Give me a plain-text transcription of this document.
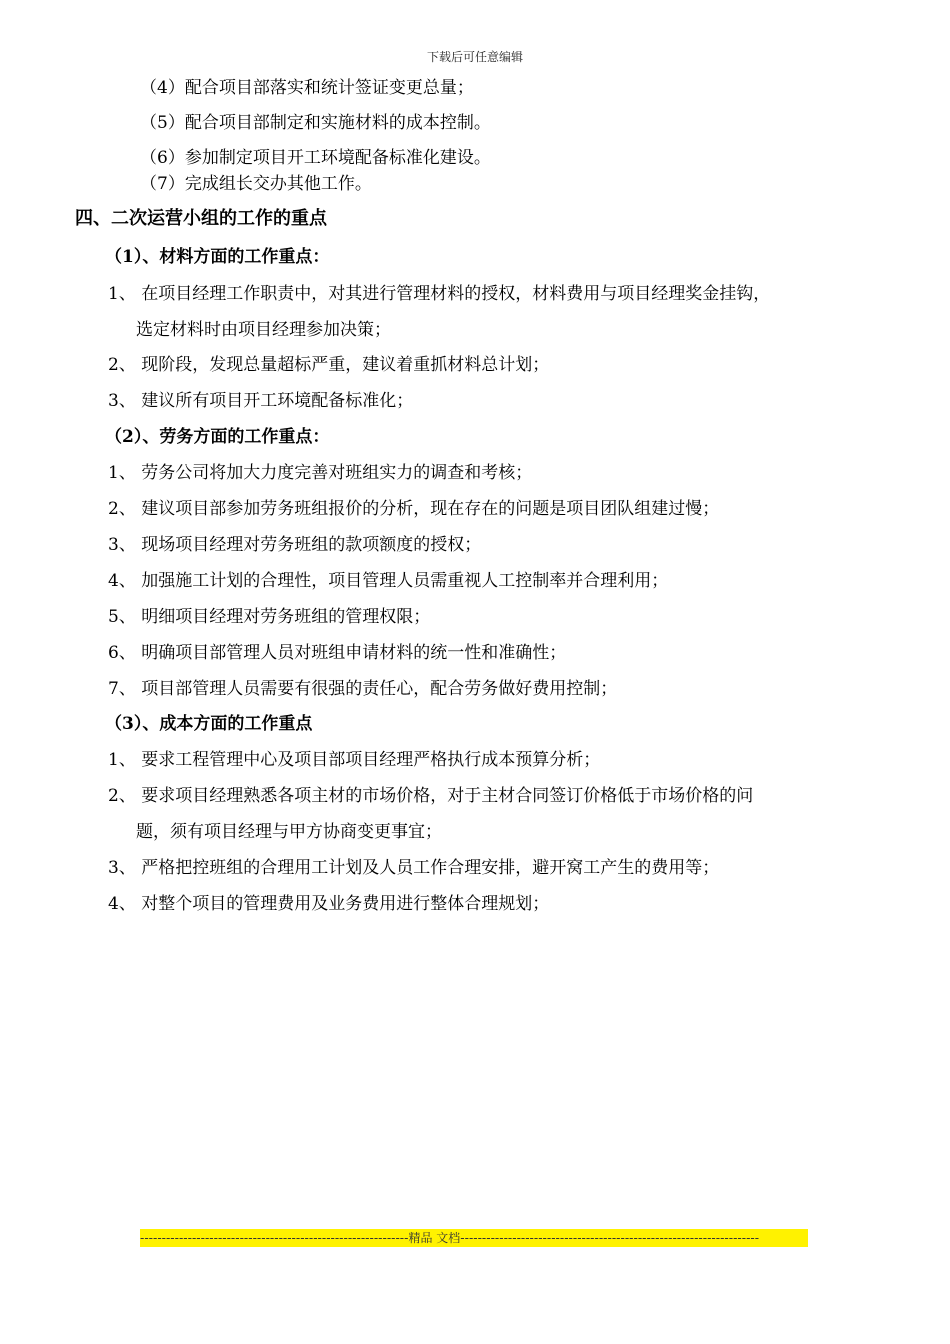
下载后可任意编辑
（4）配合项目部落实和统计签证变更总量；
（5）配合项目部制定和实施材料的成本控制。
（6）参加制定项目开工环境配备标准化建设。
（7）完成组长交办其他工作。
四、二次运营小组的工作的重点
（1）、材料方面的工作重点：
1、 在项目经理工作职责中，对其进行管理材料的授权，材料费用与项目经理奖金挂钩，
选定材料时由项目经理参加决策；
2、 现阶段，发现总量超标严重，建议着重抓材料总计划；
3、 建议所有项目开工环境配备标准化；
（2）、劳务方面的工作重点：
1、 劳务公司将加大力度完善对班组实力的调查和考核；
2、 建议项目部参加劳务班组报价的分析，现在存在的问题是项目团队组建过慢；
3、 现场项目经理对劳务班组的款项额度的授权；
4、 加强施工计划的合理性，项目管理人员需重视人工控制率并合理利用；
5、 明细项目经理对劳务班组的管理权限；
6、 明确项目部管理人员对班组申请材料的统一性和准确性；
7、 项目部管理人员需要有很强的责任心，配合劳务做好费用控制；
（3）、成本方面的工作重点
1、 要求工程管理中心及项目部项目经理严格执行成本预算分析；
2、 要求项目经理熟悉各项主材的市场价格，对于主材合同签订价格低于市场价格的问
题，须有项目经理与甲方协商变更事宜；
3、 严格把控班组的合理用工计划及人员工作合理安排，避开窝工产生的费用等；
4、 对整个项目的管理费用及业务费用进行整体合理规划；
--------------------------------------------------------------精品 文档---------------------------------------------------------------------
